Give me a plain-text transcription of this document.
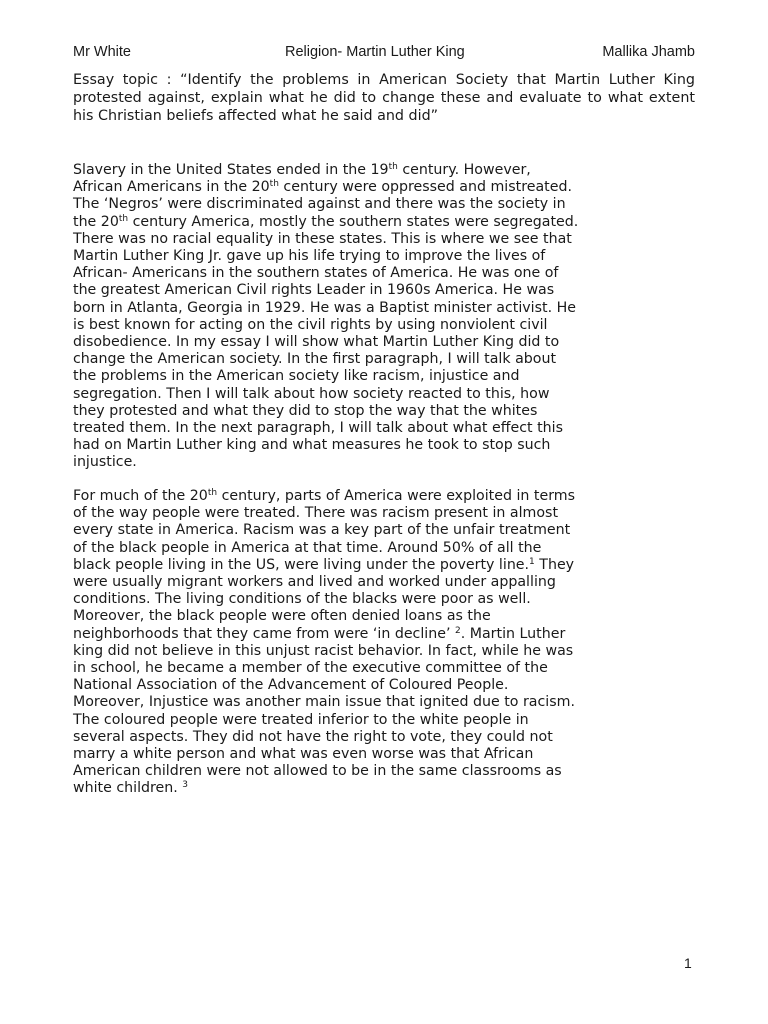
Mr White	Religion- Martin Luther King	Mallika Jhamb
Essay topic : “Identify the problems in American Society that Martin Luther King protested against, explain what he did to change these and evaluate to what extent his Christian beliefs affected what he said and did”
Slavery in the United States ended in the 19th century. However,
African Americans in the 20th century were oppressed and mistreated.
The ‘Negros’ were discriminated against and there was the society in
the 20th century America, mostly the southern states were segregated.
There was no racial equality in these states. This is where we see that
Martin Luther King Jr. gave up his life trying to improve the lives of
African- Americans in the southern states of America. He was one of
the greatest American Civil rights Leader in 1960s America. He was
born in Atlanta, Georgia in 1929. He was a Baptist minister activist. He
is best known for acting on the civil rights by using nonviolent civil
disobedience. In my essay I will show what Martin Luther King did to
change the American society. In the first paragraph, I will talk about
the problems in the American society like racism, injustice and
segregation. Then I will talk about how society reacted to this, how
they protested and what they did to stop the way that the whites
treated them. In the next paragraph, I will talk about what effect this
had on Martin Luther king and what measures he took to stop such
injustice.
For much of the 20th century, parts of America were exploited in terms
of the way people were treated. There was racism present in almost
every state in America. Racism was a key part of the unfair treatment
of the black people in America at that time. Around 50% of all the
black people living in the US, were living under the poverty line.$^1$ They
were usually migrant workers and lived and worked under appalling
conditions. The living conditions of the blacks were poor as well.
Moreover, the black people were often denied loans as the
neighborhoods that they came from were ‘in decline’ $^2$. Martin Luther
king did not believe in this unjust racist behavior. In fact, while he was
in school, he became a member of the executive committee of the
National Association of the Advancement of Coloured People.
Moreover, Injustice was another main issue that ignited due to racism.
The coloured people were treated inferior to the white people in
several aspects. They did not have the right to vote, they could not
marry a white person and what was even worse was that African
American children were not allowed to be in the same classrooms as
white children. $^3$
1
